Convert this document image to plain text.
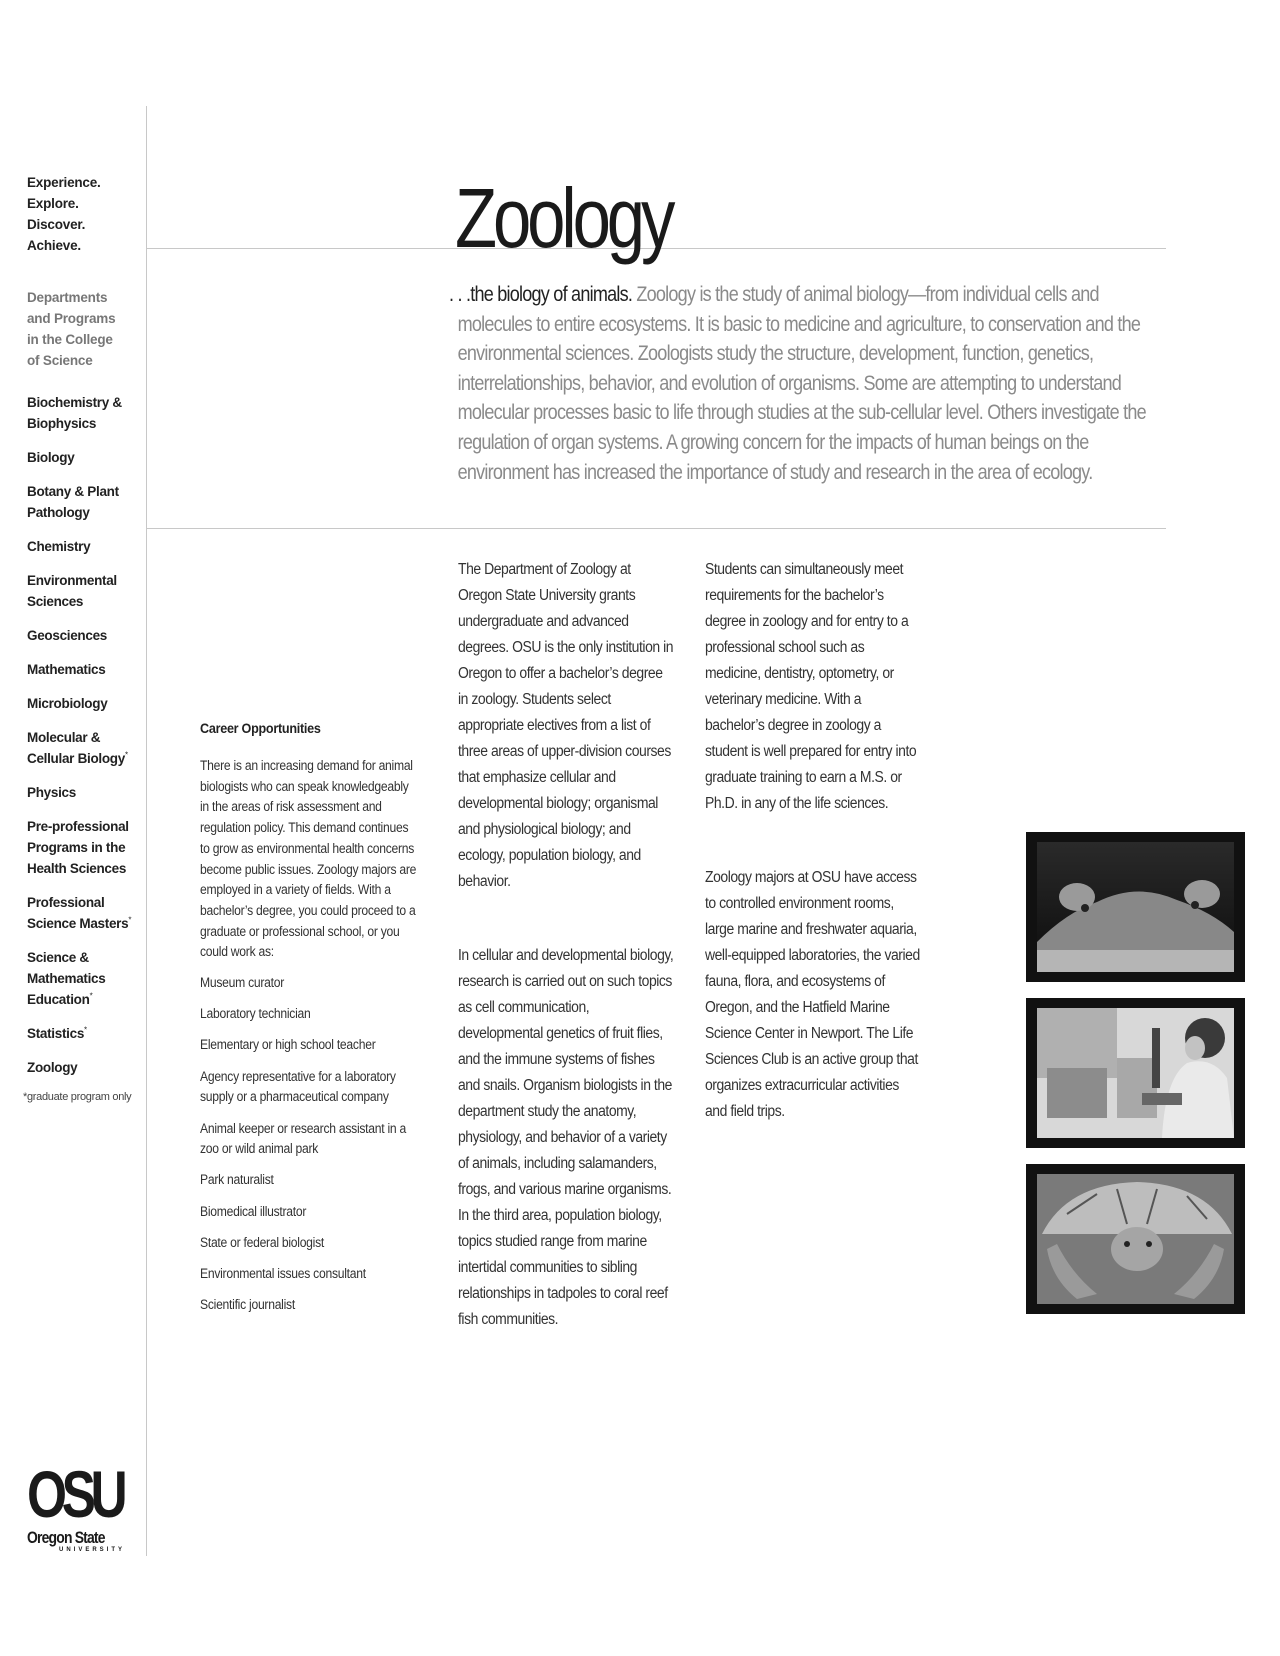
Experience.
Explore.
Discover.
Achieve.
Departments
and Programs
in the College
of Science
Biochemistry & Biophysics
Biology
Botany & Plant Pathology
Chemistry
Environmental Sciences
Geosciences
Mathematics
Microbiology
Molecular & Cellular Biology*
Physics
Pre-professional Programs in the Health Sciences
Professional Science Masters*
Science & Mathematics Education*
Statistics*
Zoology
*graduate program only
Zoology

. . .the biology of animals. Zoology is the study of animal biology—from individual cells and molecules to entire ecosystems. It is basic to medicine and agriculture, to conservation and the environmental sciences. Zoologists study the structure, development, function, genetics, interrelationships, behavior, and evolution of organisms. Some are attempting to understand molecular processes basic to life through studies at the sub-cellular level. Others investigate the regulation of organ systems. A growing concern for the impacts of human beings on the environment has increased the importance of study and research in the area of ecology.

Career Opportunities

There is an increasing demand for animal biologists who can speak knowledgeably in the areas of risk assessment and regulation policy. This demand continues to grow as environmental health concerns become public issues. Zoology majors are employed in a variety of fields. With a bachelor’s degree, you could proceed to a graduate or professional school, or you could work as:

Museum curator
Laboratory technician
Elementary or high school teacher
Agency representative for a laboratory supply or a pharmaceutical company
Animal keeper or research assistant in a zoo or wild animal park
Park naturalist
Biomedical illustrator
State or federal biologist
Environmental issues consultant
Scientific journalist

The Department of Zoology at Oregon State University grants undergraduate and advanced degrees. OSU is the only institution in Oregon to offer a bachelor’s degree in zoology. Students select appropriate electives from a list of three areas of upper-division courses that emphasize cellular and developmental biology; organismal and physiological biology; and ecology, population biology, and behavior.

In cellular and developmental biology, research is carried out on such topics as cell communication, developmental genetics of fruit flies, and the immune systems of fishes and snails. Organism biologists in the department study the anatomy, physiology, and behavior of a variety of animals, including salamanders, frogs, and various marine organisms. In the third area, population biology, topics studied range from marine intertidal communities to sibling relationships in tadpoles to coral reef fish communities.

Students can simultaneously meet requirements for the bachelor’s degree in zoology and for entry to a professional school such as medicine, dentistry, optometry, or veterinary medicine. With a bachelor’s degree in zoology a student is well prepared for entry into graduate training to earn a M.S. or Ph.D. in any of the life sciences.

Zoology majors at OSU have access to controlled environment rooms, large marine and freshwater aquaria, well-equipped laboratories, the varied fauna, flora, and ecosystems of Oregon, and the Hatfield Marine Science Center in Newport. The Life Sciences Club is an active group that organizes extracurricular activities and field trips.

OSU
Oregon State
UNIVERSITY
